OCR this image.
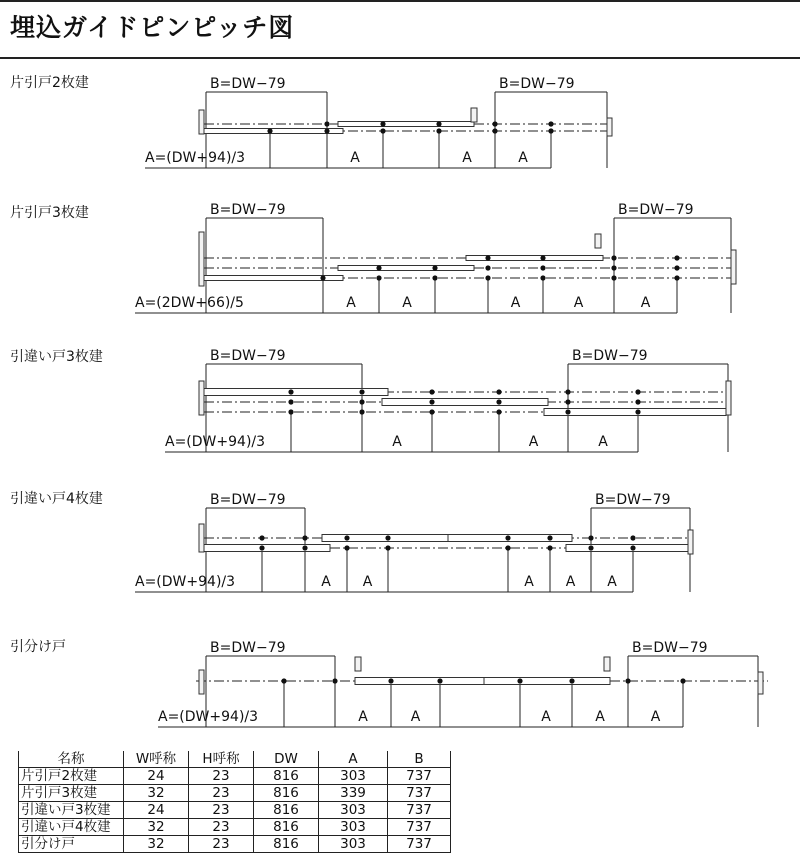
埋込ガイドピンピッチ図
片引戸2枚建
片引戸3枚建
引違い戸3枚建
引違い戸4枚建
引分け戸
B=DW−79	B=DW−79
A=(DW+94)/3	A	A	A
B=DW−79	B=DW−79
A=(2DW+66)/5	A	A	A	A	A
B=DW−79	B=DW−79
A=(DW+94)/3	A	A	A
B=DW−79	B=DW−79
A=(DW+94)/3	A A	A A A
B=DW−79	B=DW−79
A=(DW+94)/3	A	A	A	A	A
名称	W呼称	H呼称	DW	A	B
片引戸2枚建	24	23	816	303	737
片引戸3枚建	32	23	816	339	737
引違い戸3枚建	24	23	816	303	737
引違い戸4枚建	32	23	816	303	737
引分け戸	32	23	816	303	737
